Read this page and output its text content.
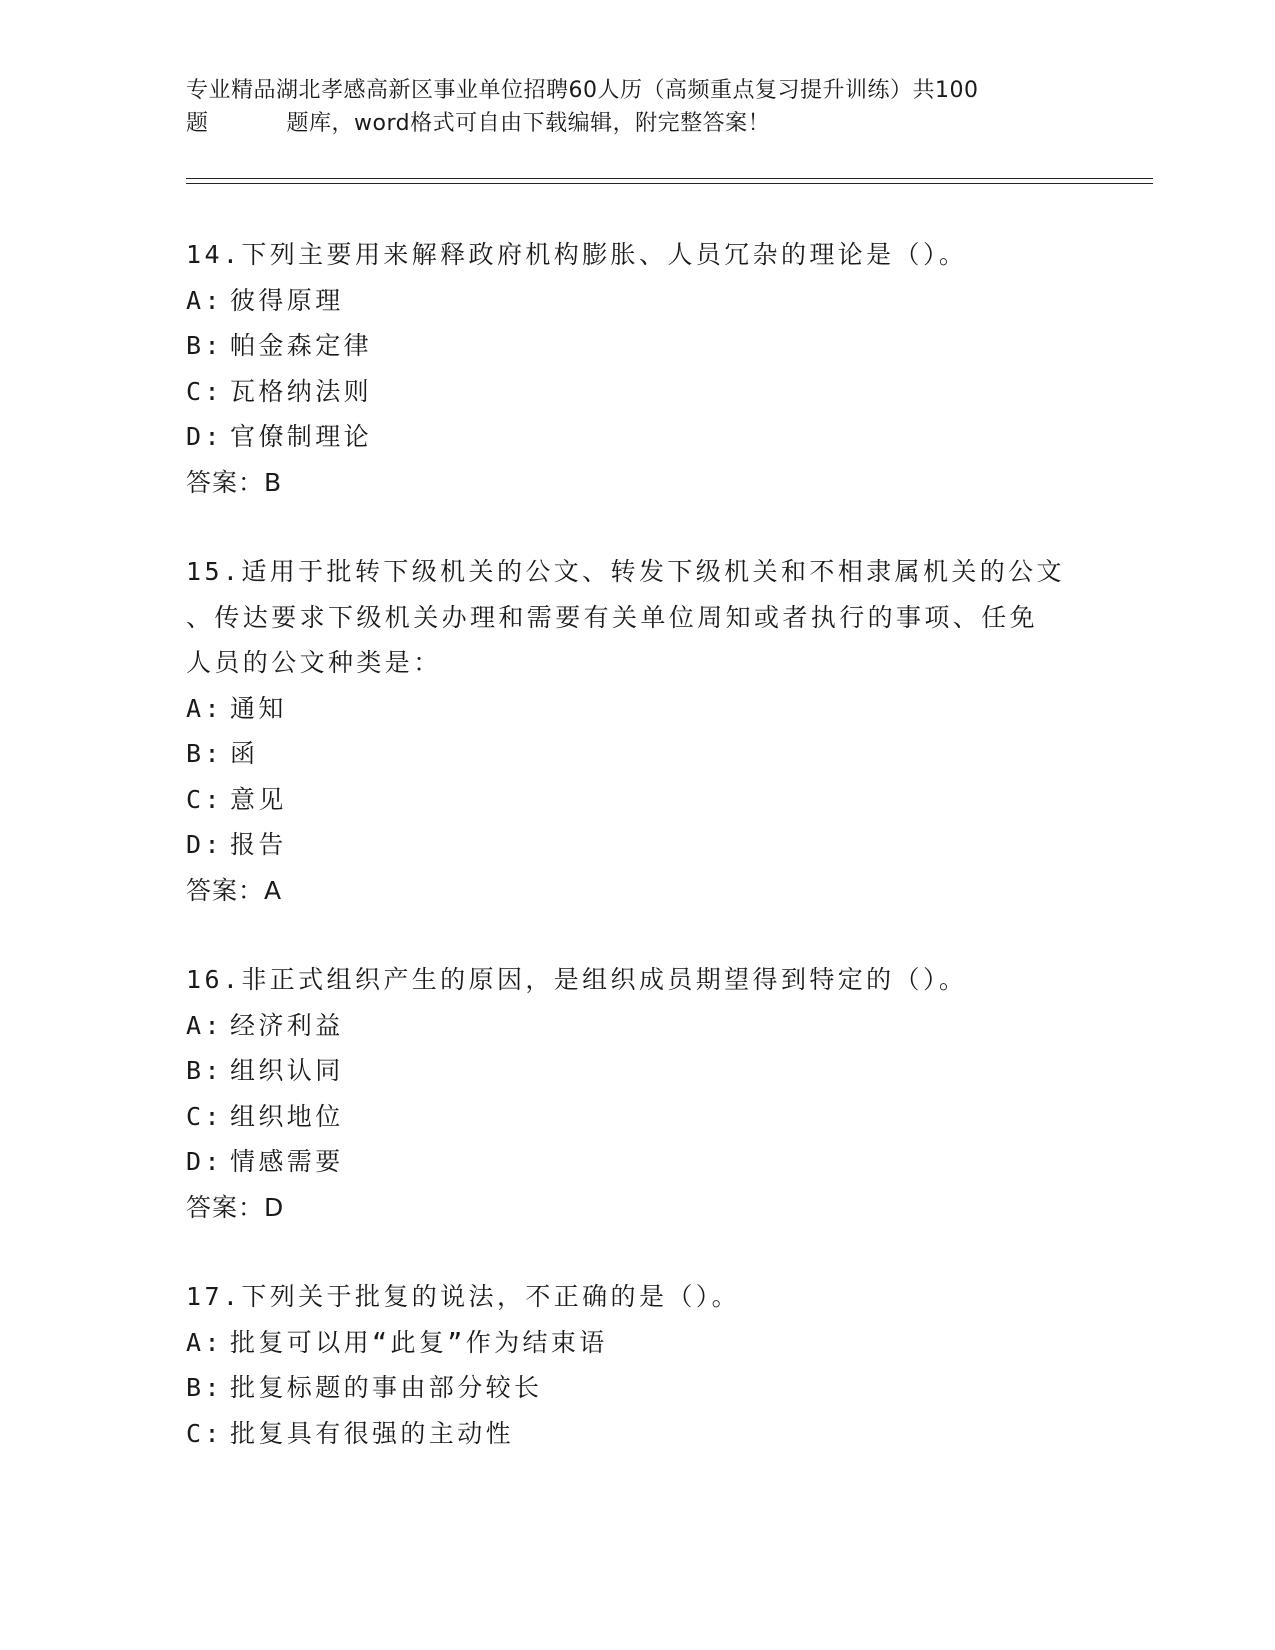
专业精品湖北孝感高新区事业单位招聘60人历（高频重点复习提升训练）共100

题	题库，word格式可自由下载编辑，附完整答案！

14.下列主要用来解释政府机构膨胀、人员冗杂的理论是（）。

A: 彼得原理

B: 帕金森定律

C: 瓦格纳法则

D: 官僚制理论

答案：B

15.适用于批转下级机关的公文、转发下级机关和不相隶属机关的公文

、传达要求下级机关办理和需要有关单位周知或者执行的事项、任免

人员的公文种类是：

A: 通知

B: 函

C: 意见

D: 报告

答案：A

16.非正式组织产生的原因，是组织成员期望得到特定的（）。

A: 经济利益

B: 组织认同

C: 组织地位

D: 情感需要

答案：D

17.下列关于批复的说法，不正确的是（）。

A: 批复可以用“此复”作为结束语

B: 批复标题的事由部分较长

C: 批复具有很强的主动性
